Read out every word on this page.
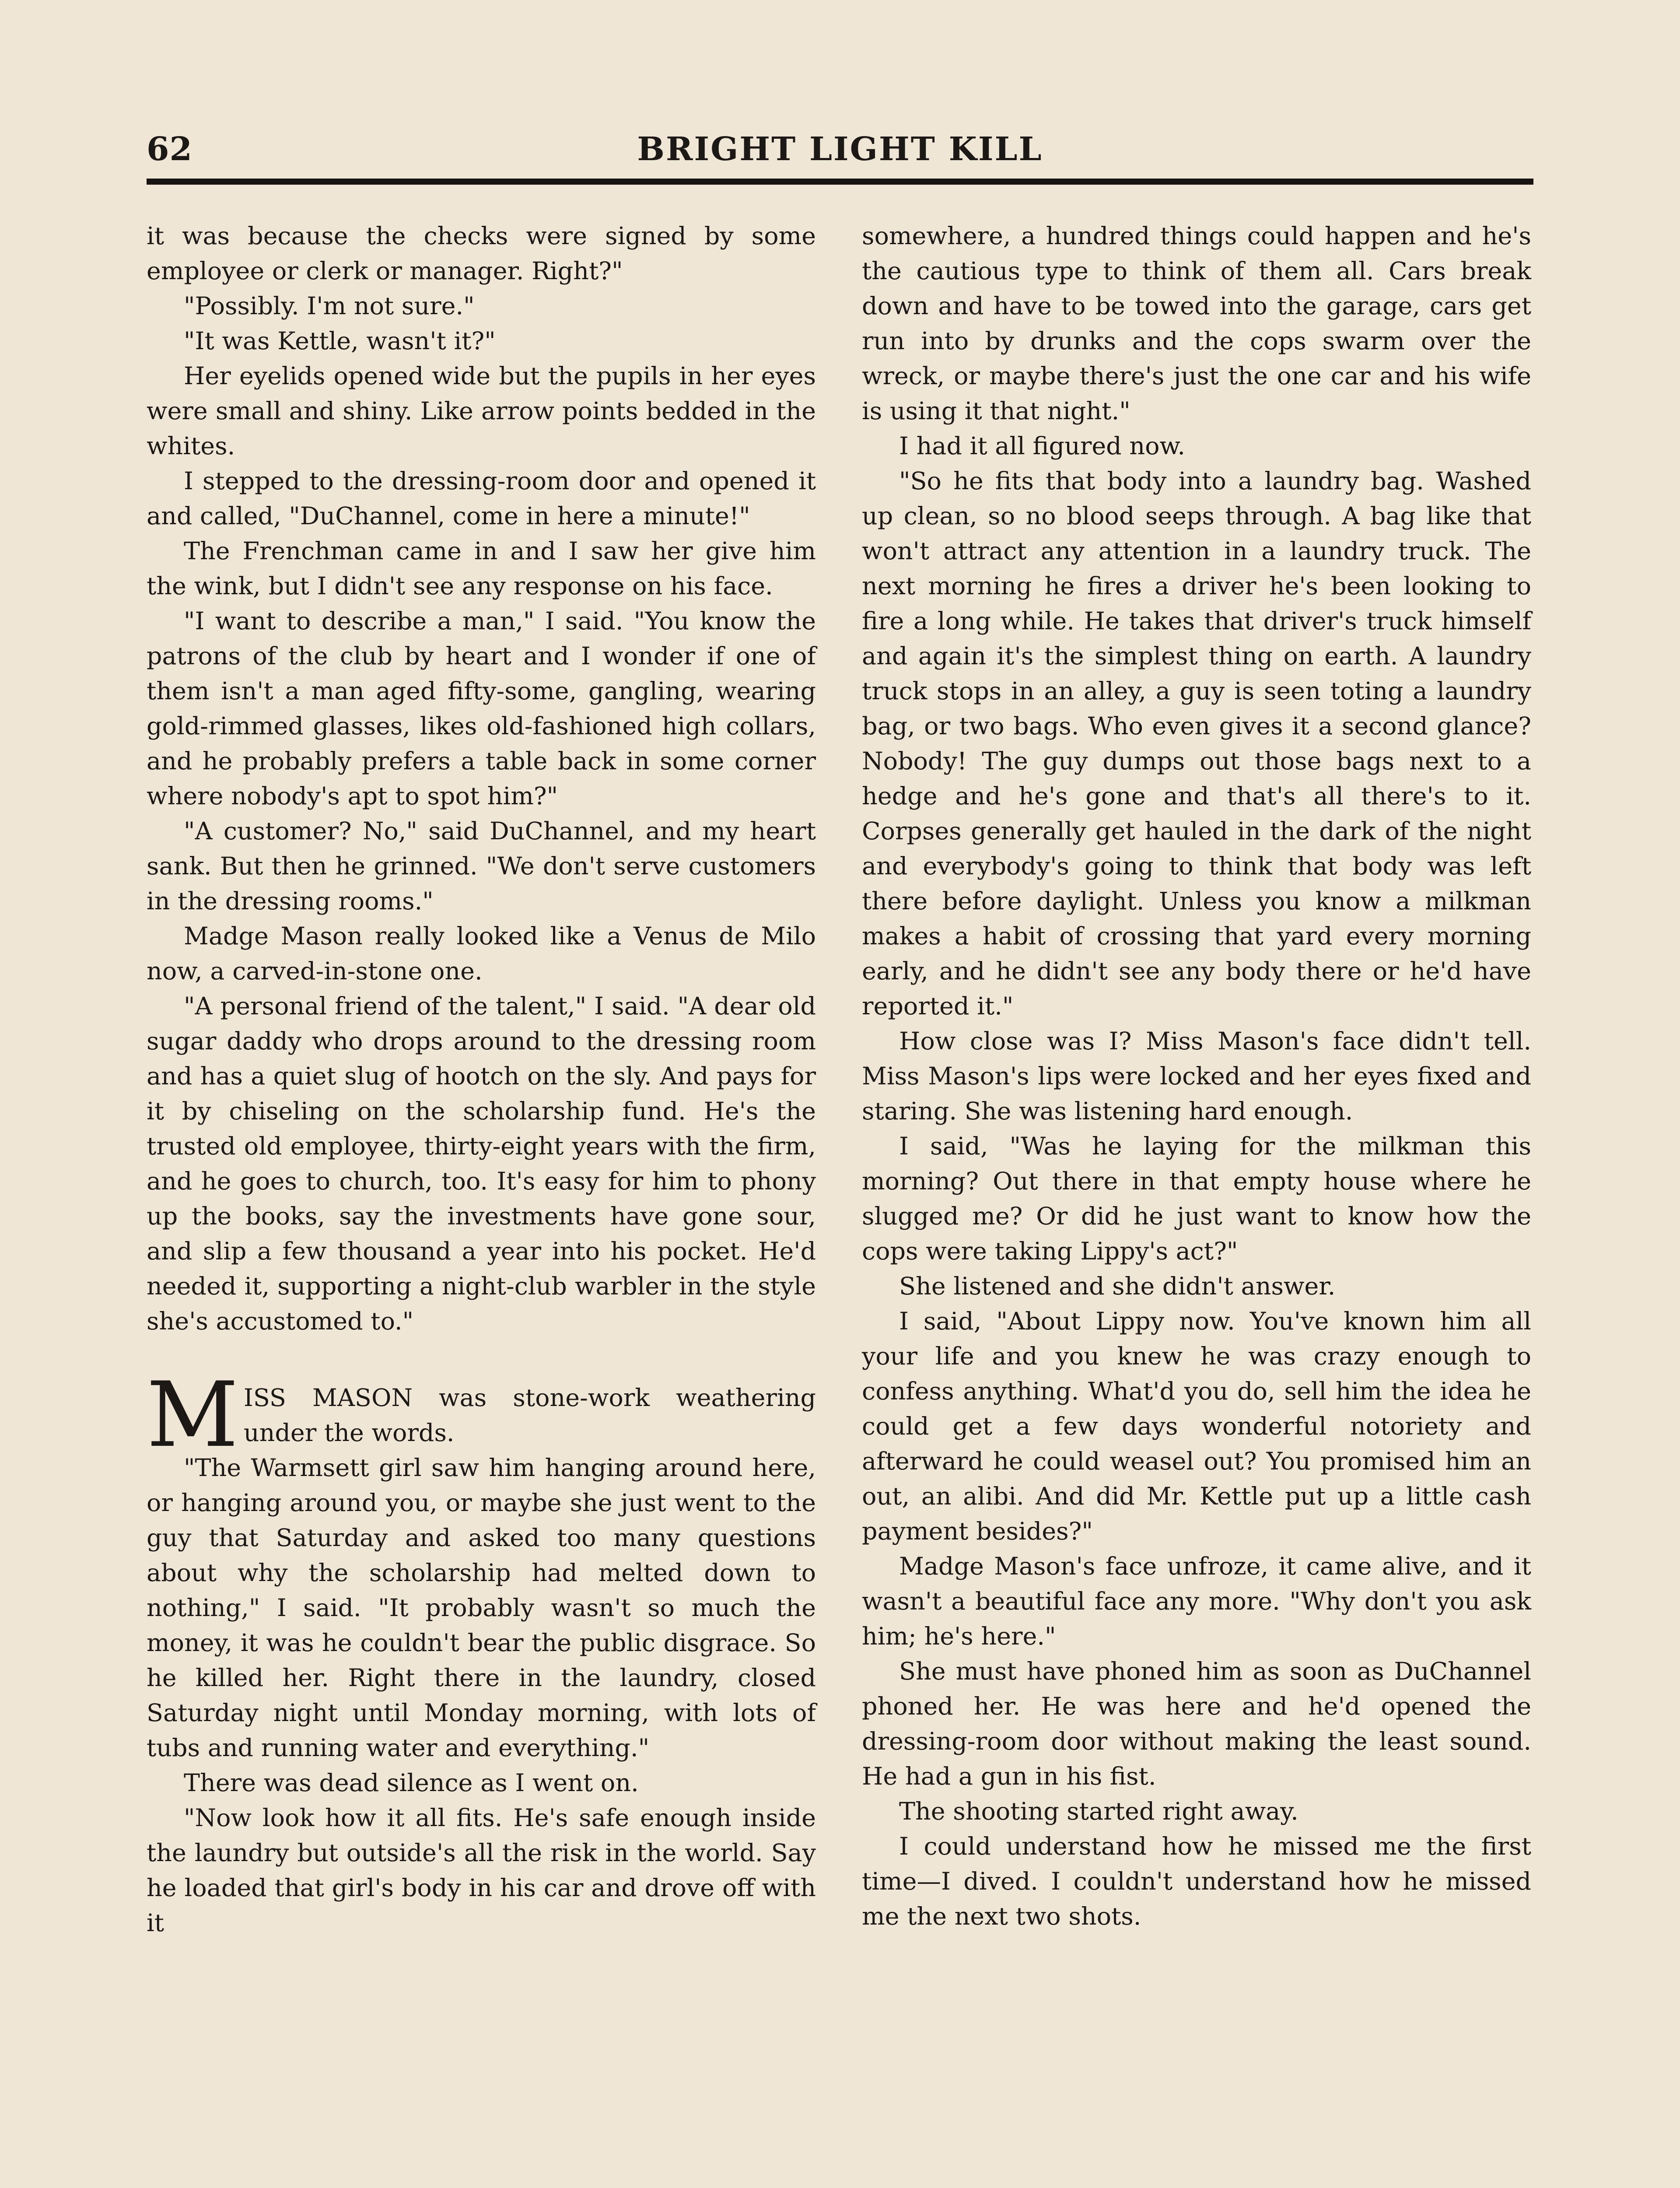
62	BRIGHT LIGHT KILL

it was because the checks were signed by some employee or clerk or manager. Right?"

"Possibly. I'm not sure."

"It was Kettle, wasn't it?"

Her eyelids opened wide but the pupils in her eyes were small and shiny. Like arrow points bedded in the whites.

I stepped to the dressing-room door and opened it and called, "DuChannel, come in here a minute!"

The Frenchman came in and I saw her give him the wink, but I didn't see any response on his face.

"I want to describe a man," I said. "You know the patrons of the club by heart and I wonder if one of them isn't a man aged fifty-some, gangling, wearing gold-rimmed glasses, likes old-fashioned high collars, and he probably prefers a table back in some corner where nobody's apt to spot him?"

"A customer? No," said DuChannel, and my heart sank. But then he grinned. "We don't serve customers in the dressing rooms."

Madge Mason really looked like a Venus de Milo now, a carved-in-stone one.

"A personal friend of the talent," I said. "A dear old sugar daddy who drops around to the dressing room and has a quiet slug of hootch on the sly. And pays for it by chiseling on the scholarship fund. He's the trusted old employee, thirty-eight years with the firm, and he goes to church, too. It's easy for him to phony up the books, say the investments have gone sour, and slip a few thousand a year into his pocket. He'd needed it, supporting a night-club warbler in the style she's accustomed to."

MISS MASON was stone-work weathering under the words.

"The Warmsett girl saw him hanging around here, or hanging around you, or maybe she just went to the guy that Saturday and asked too many questions about why the scholarship had melted down to nothing," I said. "It probably wasn't so much the money, it was he couldn't bear the public disgrace. So he killed her. Right there in the laundry, closed Saturday night until Monday morning, with lots of tubs and running water and everything."

There was dead silence as I went on.

"Now look how it all fits. He's safe enough inside the laundry but outside's all the risk in the world. Say he loaded that girl's body in his car and drove off with it

somewhere, a hundred things could happen and he's the cautious type to think of them all. Cars break down and have to be towed into the garage, cars get run into by drunks and the cops swarm over the wreck, or maybe there's just the one car and his wife is using it that night."

I had it all figured now.

"So he fits that body into a laundry bag. Washed up clean, so no blood seeps through. A bag like that won't attract any attention in a laundry truck. The next morning he fires a driver he's been looking to fire a long while. He takes that driver's truck himself and again it's the simplest thing on earth. A laundry truck stops in an alley, a guy is seen toting a laundry bag, or two bags. Who even gives it a second glance? Nobody! The guy dumps out those bags next to a hedge and he's gone and that's all there's to it. Corpses generally get hauled in the dark of the night and everybody's going to think that body was left there before daylight. Unless you know a milkman makes a habit of crossing that yard every morning early, and he didn't see any body there or he'd have reported it."

How close was I? Miss Mason's face didn't tell. Miss Mason's lips were locked and her eyes fixed and staring. She was listening hard enough.

I said, "Was he laying for the milkman this morning? Out there in that empty house where he slugged me? Or did he just want to know how the cops were taking Lippy's act?"

She listened and she didn't answer.

I said, "About Lippy now. You've known him all your life and you knew he was crazy enough to confess anything. What'd you do, sell him the idea he could get a few days wonderful notoriety and afterward he could weasel out? You promised him an out, an alibi. And did Mr. Kettle put up a little cash payment besides?"

Madge Mason's face unfroze, it came alive, and it wasn't a beautiful face any more. "Why don't you ask him; he's here."

She must have phoned him as soon as DuChannel phoned her. He was here and he'd opened the dressing-room door without making the least sound. He had a gun in his fist.

The shooting started right away.

I could understand how he missed me the first time—I dived. I couldn't understand how he missed me the next two shots.
